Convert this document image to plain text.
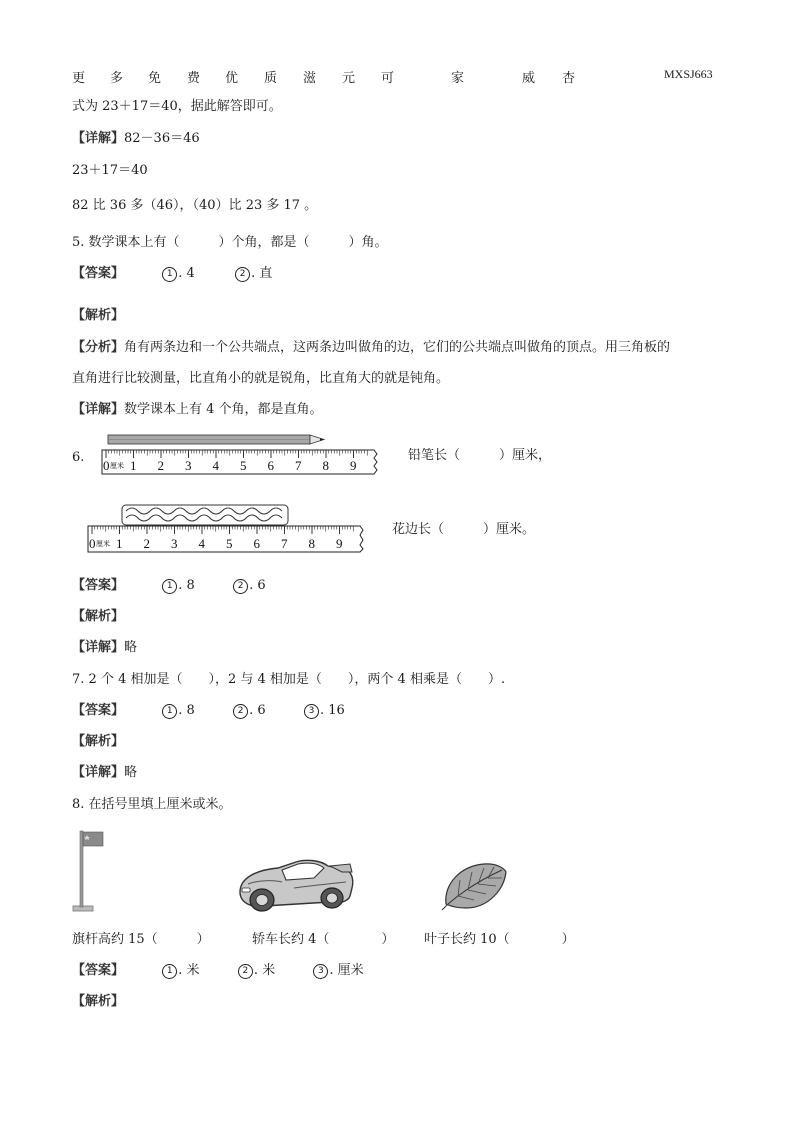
更 多 免 费 优 质 滋 元 可	家	威 杏	MXSJ663
式为 23＋17＝40，据此解答即可。
【详解】82－36＝46
23＋17＝40
82 比 36 多（46），（40）比 23 多 17 。
5. 数学课本上有（　　　）个角，都是（　　　）角。
【答案】	1 . 4	2 . 直
【解析】
【分析】角有两条边和一个公共端点，这两条边叫做角的边，它们的公共端点叫做角的顶点。用三角板的
直角进行比较测量，比直角小的就是锐角，比直角大的就是钝角。
【详解】数学课本上有 4 个角，都是直角。
6.
0 1 2 3 4 5 6 7 8 9
厘米
铅笔长（　　　）厘米，
0 1 2 3 4 5 6 7 8 9
厘米
花边长（　　　）厘米。
【答案】	1 . 8	2 . 6
【解析】
【详解】略
7. 2 个 4 相加是（　　），2 与 4 相加是（　　），两个 4 相乘是（　　）.
【答案】	1 . 8	2 . 6	3 . 16
【解析】
【详解】略
8. 在括号里填上厘米或米。
旗杆高约 15（　　　）	轿车长约 4（　　　　） 叶子长约 10（　　　　）
【答案】	1 . 米	2 . 米	3 . 厘米
【解析】
